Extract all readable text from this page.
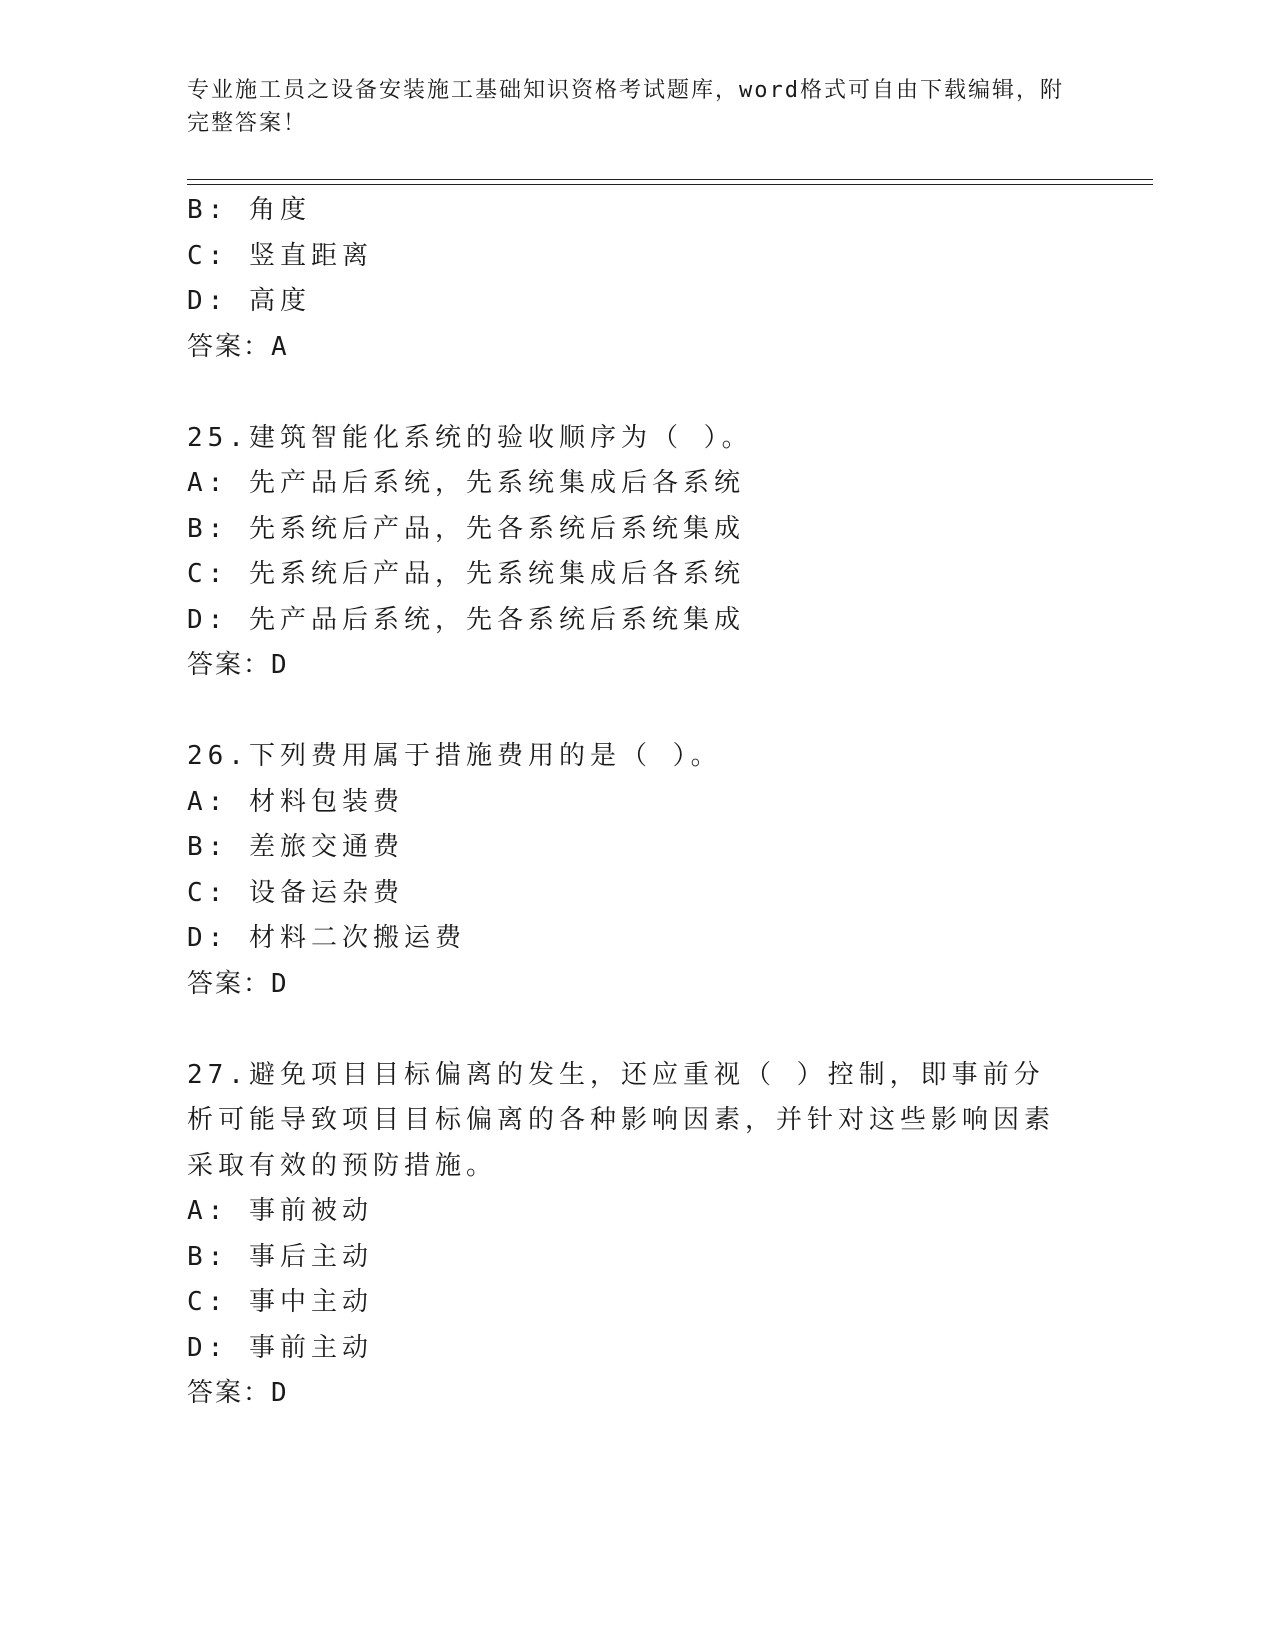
专业施工员之设备安装施工基础知识资格考试题库，word格式可自由下载编辑，附完整答案！
B: 角度
C: 竖直距离
D: 高度
答案：A
25.建筑智能化系统的验收顺序为（ ）。
A: 先产品后系统，先系统集成后各系统
B: 先系统后产品，先各系统后系统集成
C: 先系统后产品，先系统集成后各系统
D: 先产品后系统，先各系统后系统集成
答案：D
26.下列费用属于措施费用的是（ ）。
A: 材料包装费
B: 差旅交通费
C: 设备运杂费
D: 材料二次搬运费
答案：D
27.避免项目目标偏离的发生，还应重视（ ）控制，即事前分析可能导致项目目标偏离的各种影响因素，并针对这些影响因素采取有效的预防措施。
A: 事前被动
B: 事后主动
C: 事中主动
D: 事前主动
答案：D
